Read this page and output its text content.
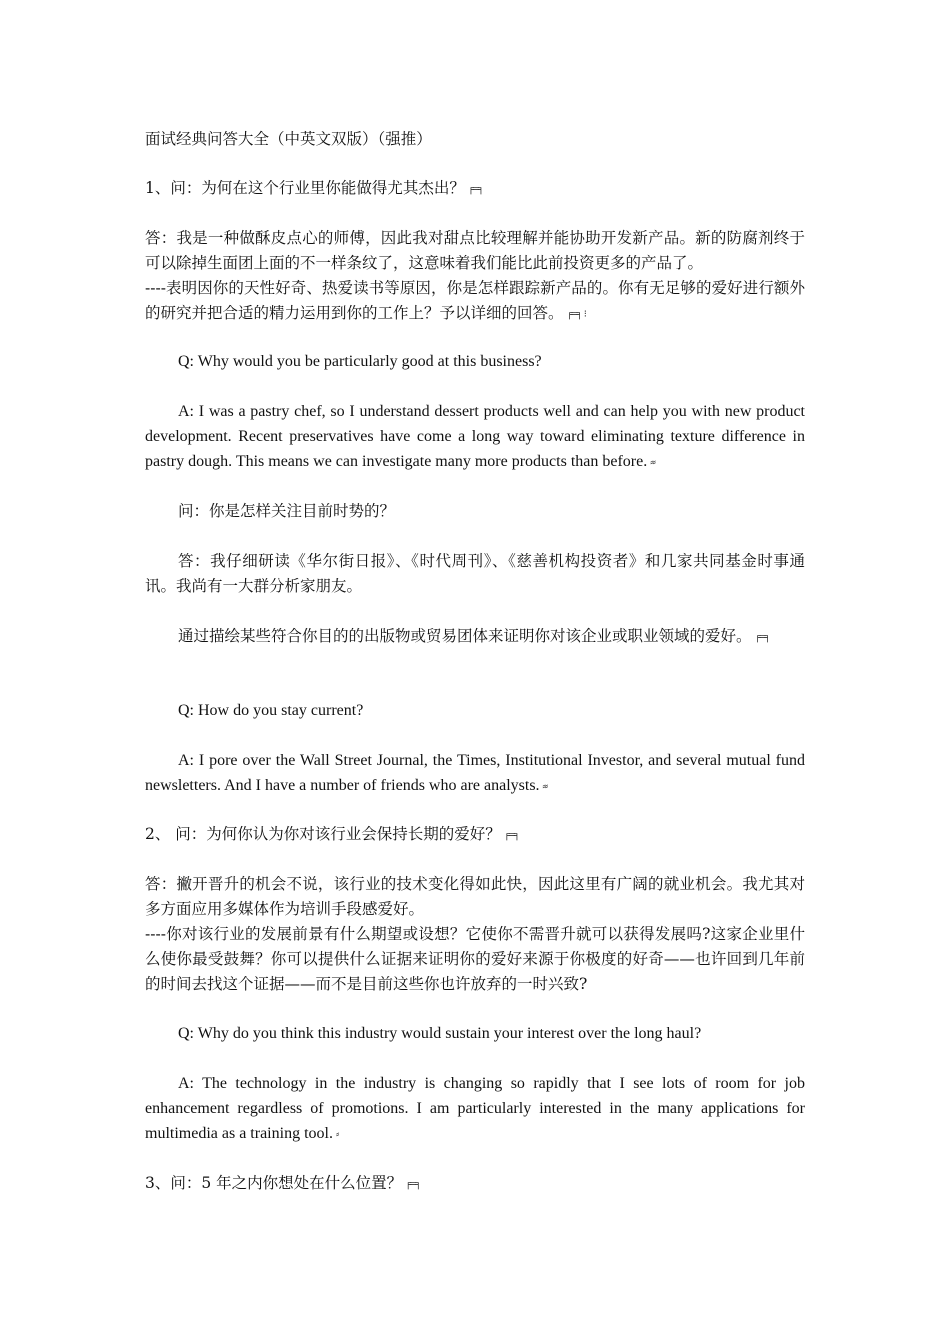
面试经典问答大全（中英文双版）（强推）

1、问：为何在这个行业里你能做得尤其杰出？ ╒═╕

答：我是一种做酥皮点心的师傅，因此我对甜点比较理解并能协助开发新产品。新的防腐剂终于可以除掉生面团上面的不一样条纹了，这意味着我们能比此前投资更多的产品了。
----表明因你的天性好奇、热爱读书等原因，你是怎样跟踪新产品的。你有无足够的爱好进行额外的研究并把合适的精力运用到你的工作上？予以详细的回答。 ╒═╕ ⁝

Q: Why would you be particularly good at this business?

A: I was a pastry chef, so I understand dessert products well and can help you with new product development. Recent preservatives have come a long way toward eliminating texture difference in pastry dough. This means we can investigate many more products than before. ⸗⸗

问：你是怎样关注目前时势的？

答：我仔细研读《华尔街日报》、《时代周刊》、《慈善机构投资者》和几家共同基金时事通讯。我尚有一大群分析家朋友。

通过描绘某些符合你目的的出版物或贸易团体来证明你对该企业或职业领域的爱好。 ╒═╕

Q: How do you stay current?

A: I pore over the Wall Street Journal, the Times, Institutional Investor, and several mutual fund newsletters. And I have a number of friends who are analysts. ⸗⸗

2、 问：为何你认为你对该行业会保持长期的爱好？ ╒═╕

答：撇开晋升的机会不说，该行业的技术变化得如此快，因此这里有广阔的就业机会。我尤其对多方面应用多媒体作为培训手段感爱好。
----你对该行业的发展前景有什么期望或设想？它使你不需晋升就可以获得发展吗?这家企业里什么使你最受鼓舞？你可以提供什么证据来证明你的爱好来源于你极度的好奇——也许回到几年前的时间去找这个证据——而不是目前这些你也许放弃的一时兴致?

Q: Why do you think this industry would sustain your interest over the long haul?

A: The technology in the industry is changing so rapidly that I see lots of room for job enhancement regardless of promotions. I am particularly interested in the many applications for multimedia as a training tool. ⸗

3、问：5 年之内你想处在什么位置？ ╒═╕
